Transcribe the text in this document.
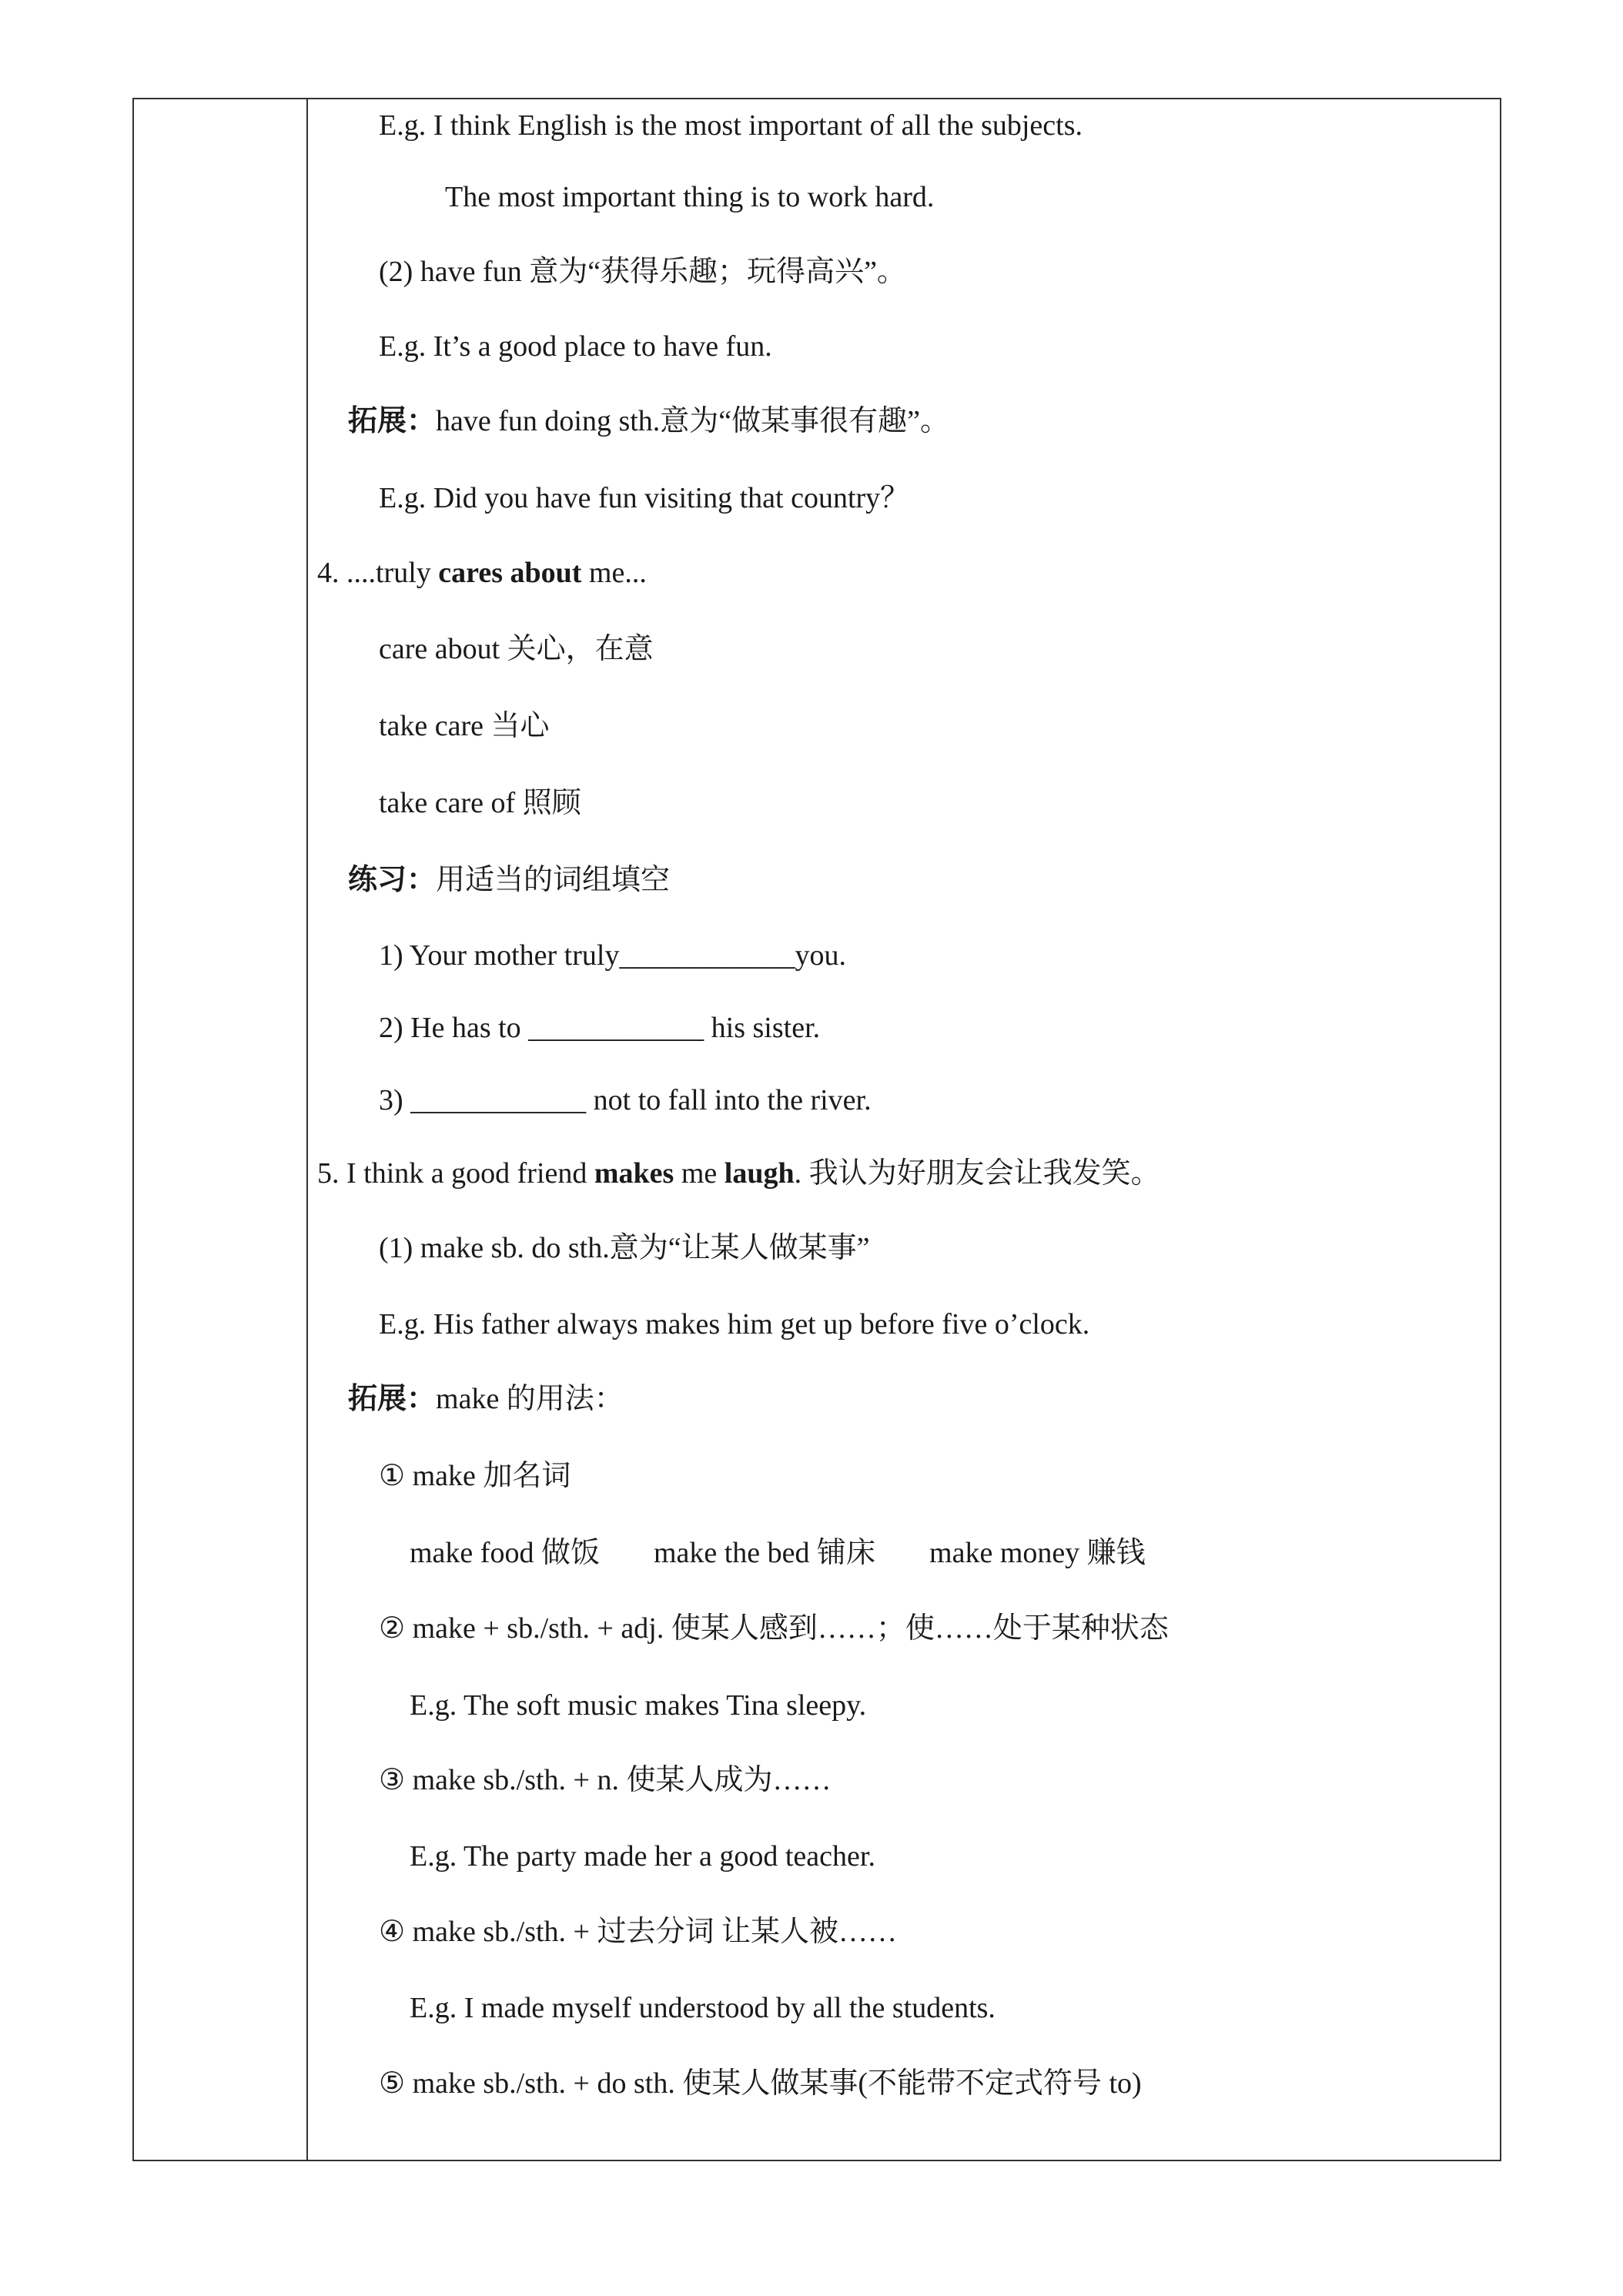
E.g. I think English is the most important of all the subjects.
The most important thing is to work hard.
(2) have fun 意为“获得乐趣；玩得高兴”。
E.g. It’s a good place to have fun.
拓展：have fun doing sth.意为“做某事很有趣”。
E.g. Did you have fun visiting that country？
4. ....truly cares about me...
care about 关心，在意
take care 当心
take care of 照顾
练习：用适当的词组填空
1) Your mother truly____________you.
2) He has to ____________ his sister.
3) ____________ not to fall into the river.
5. I think a good friend makes me laugh. 我认为好朋友会让我发笑。
(1) make sb. do sth.意为“让某人做某事”
E.g. His father always makes him get up before five o’clock.
拓展：make 的用法：
① make 加名词
make food 做饭 make the bed 铺床 make money 赚钱
② make + sb./sth. + adj. 使某人感到……；使……处于某种状态
E.g. The soft music makes Tina sleepy.
③ make sb./sth. + n. 使某人成为……
E.g. The party made her a good teacher.
④ make sb./sth. + 过去分词 让某人被……
E.g. I made myself understood by all the students.
⑤ make sb./sth. + do sth. 使某人做某事(不能带不定式符号 to)
